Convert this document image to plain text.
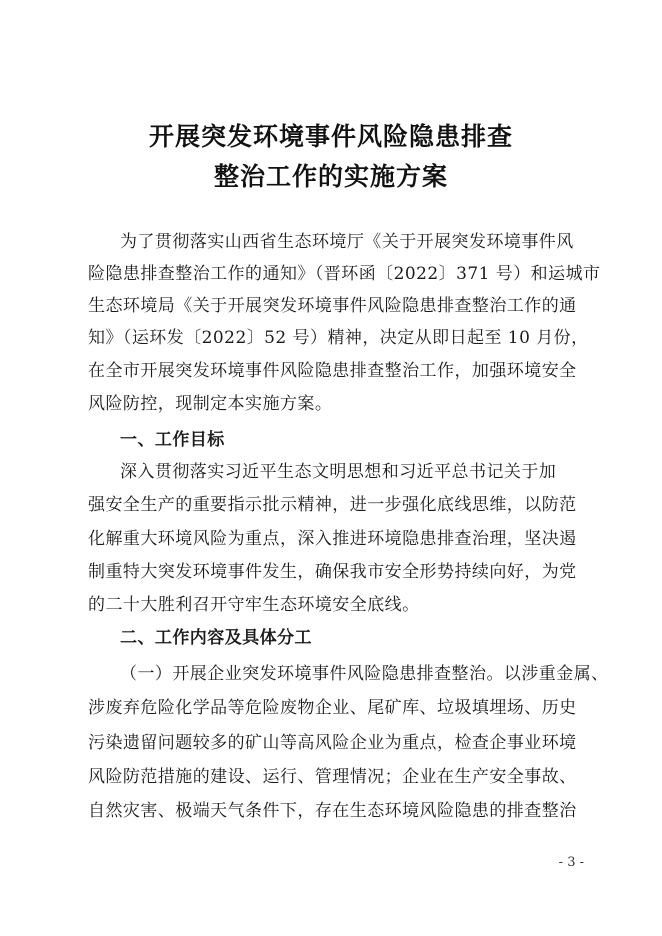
开展突发环境事件风险隐患排查
整治工作的实施方案
为了贯彻落实山西省生态环境厅《关于开展突发环境事件风
险隐患排查整治工作的通知》（晋环函〔2022〕371 号）和运城市
生态环境局《关于开展突发环境事件风险隐患排查整治工作的通
知》（运环发〔2022〕52 号）精神，决定从即日起至 10 月份，
在全市开展突发环境事件风险隐患排查整治工作，加强环境安全
风险防控，现制定本实施方案。
一、工作目标
深入贯彻落实习近平生态文明思想和习近平总书记关于加
强安全生产的重要指示批示精神，进一步强化底线思维，以防范
化解重大环境风险为重点，深入推进环境隐患排查治理，坚决遏
制重特大突发环境事件发生，确保我市安全形势持续向好，为党
的二十大胜利召开守牢生态环境安全底线。
二、工作内容及具体分工
（一）开展企业突发环境事件风险隐患排查整治。以涉重金属、
涉废弃危险化学品等危险废物企业、尾矿库、垃圾填埋场、历史
污染遗留问题较多的矿山等高风险企业为重点，检查企事业环境
风险防范措施的建设、运行、管理情况；企业在生产安全事故、
自然灾害、极端天气条件下，存在生态环境风险隐患的排查整治
- 3 -
